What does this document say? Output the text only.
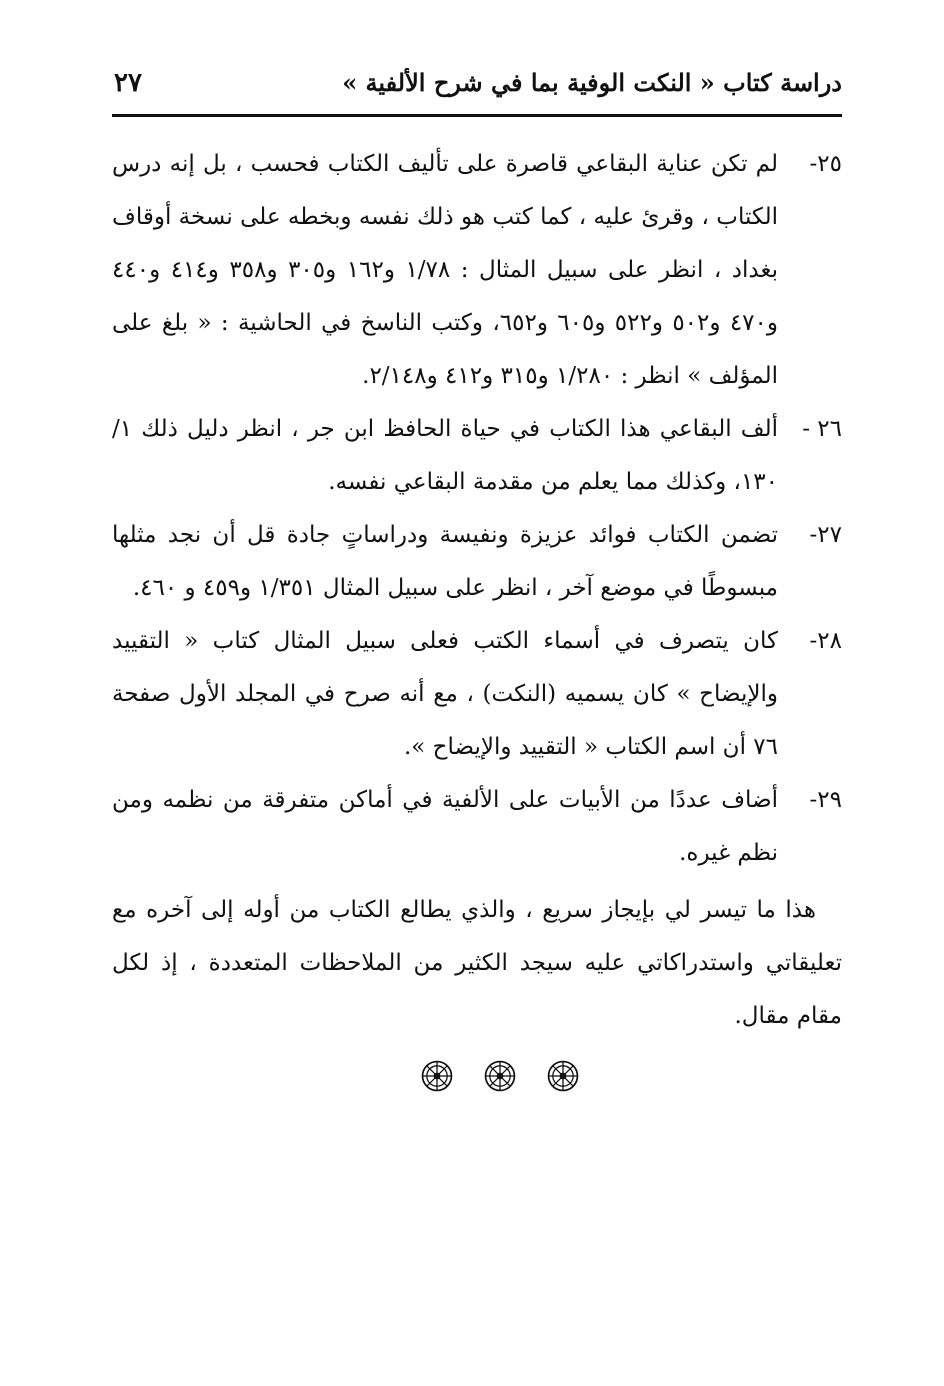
دراسة كتاب « النكت الوفية بما في شرح الألفية »
٢٧
٢٥-
لم تكن عناية البقاعي قاصرة على تأليف الكتاب فحسب ، بل إنه درس الكتاب ، وقرئ عليه ، كما كتب هو ذلك نفسه وبخطه على نسخة أوقاف بغداد ، انظر على سبيل المثال : ١/٧٨ و١٦٢ و٣٠٥ و٣٥٨ و٤١٤ و٤٤٠ و٤٧٠ و٥٠٢ و٥٢٢ و٦٠٥ و٦٥٢، وكتب الناسخ في الحاشية : « بلغ على المؤلف » انظر : ١/٢٨٠ و٣١٥ و٤١٢ و٢/١٤٨.
٢٦ -
ألف البقاعي هذا الكتاب في حياة الحافظ ابن جر ، انظر دليل ذلك ١/ ١٣٠، وكذلك مما يعلم من مقدمة البقاعي نفسه.
٢٧-
تضمن الكتاب فوائد عزيزة ونفيسة ودراساتٍ جادة قل أن نجد مثلها مبسوطًا في موضع آخر ، انظر على سبيل المثال ١/٣٥١ و٤٥٩ و ٤٦٠.
٢٨-
كان يتصرف في أسماء الكتب فعلى سبيل المثال كتاب « التقييد والإيضاح » كان يسميه (النكت) ، مع أنه صرح في المجلد الأول صفحة ٧٦ أن اسم الكتاب « التقييد والإيضاح ».
٢٩-
أضاف عددًا من الأبيات على الألفية في أماكن متفرقة من نظمه ومن نظم غيره.
هذا ما تيسر لي بإيجاز سريع ، والذي يطالع الكتاب من أوله إلى آخره مع تعليقاتي واستدراكاتي عليه سيجد الكثير من الملاحظات المتعددة ، إذ لكل مقام مقال.
